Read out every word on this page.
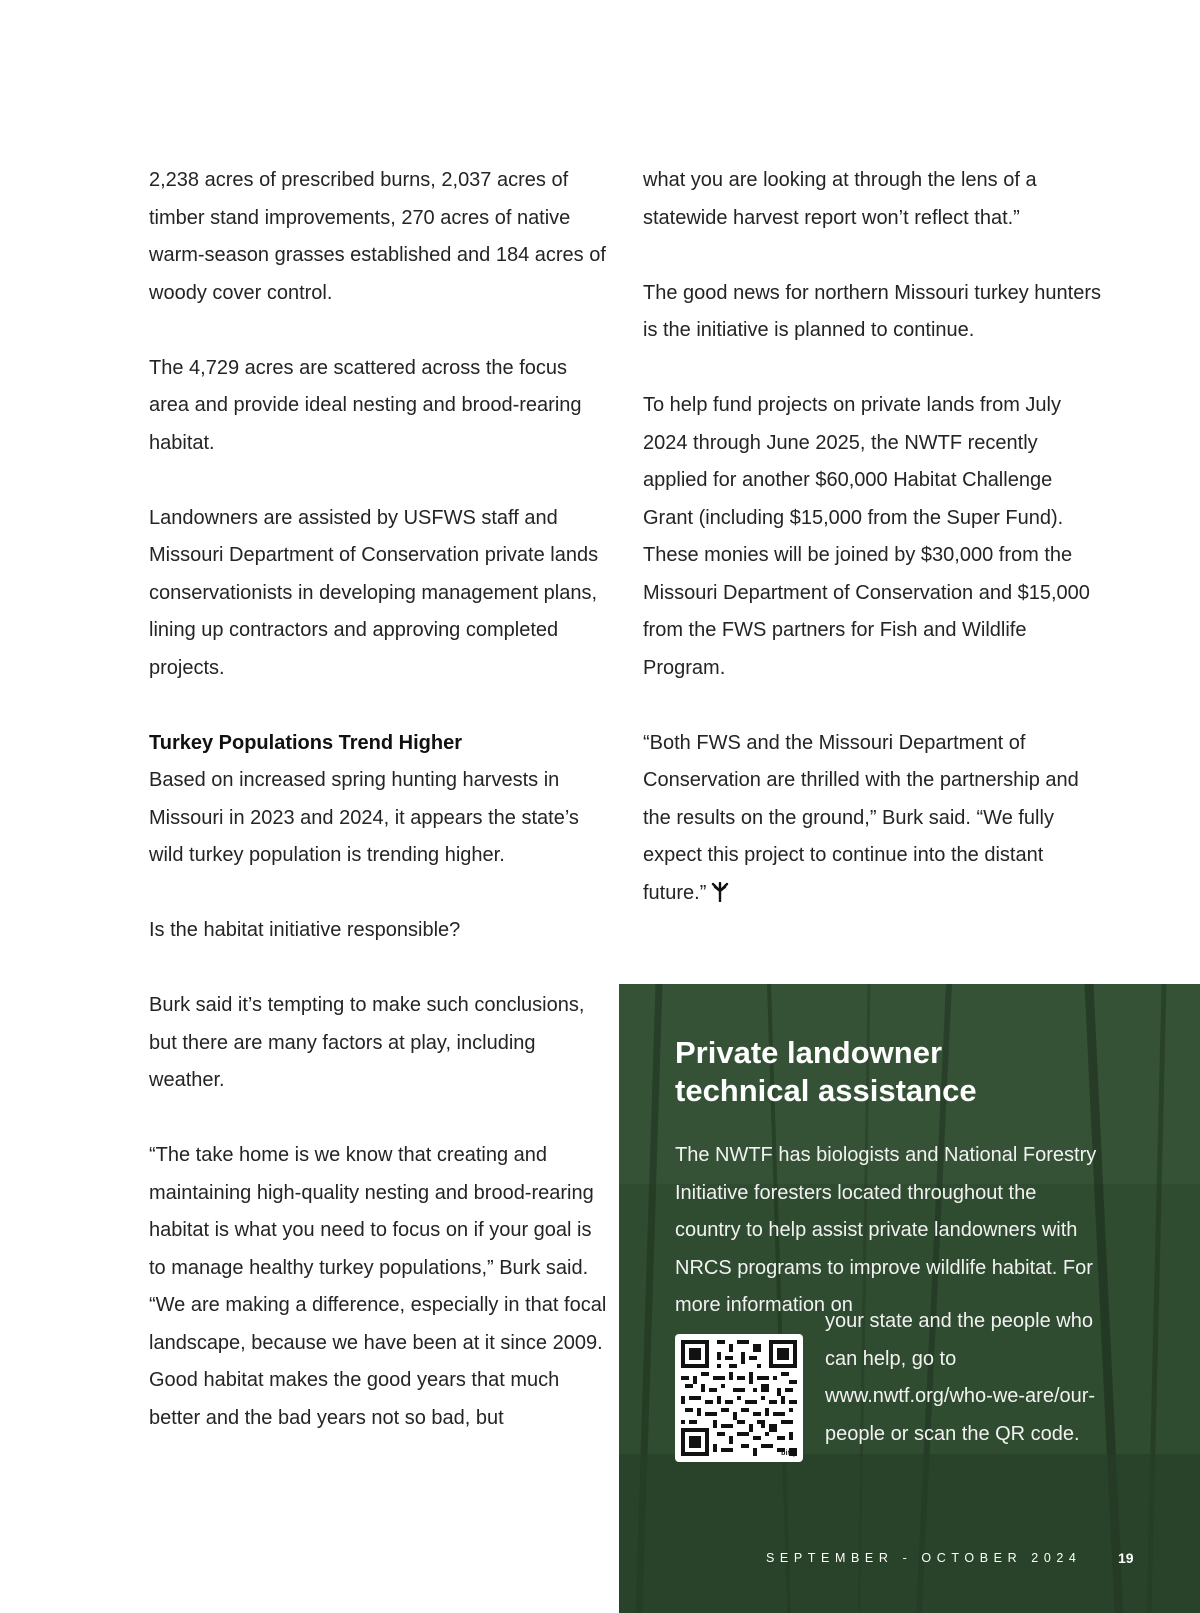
2,238 acres of prescribed burns, 2,037 acres of timber stand improvements, 270 acres of native warm-season grasses established and 184 acres of woody cover control.

The 4,729 acres are scattered across the focus area and provide ideal nesting and brood-rearing habitat.

Landowners are assisted by USFWS staff and Missouri Department of Conservation private lands conservationists in developing management plans, lining up contractors and approving completed projects.

Turkey Populations Trend Higher

Based on increased spring hunting harvests in Missouri in 2023 and 2024, it appears the state’s wild turkey population is trending higher.

Is the habitat initiative responsible?

Burk said it’s tempting to make such conclusions, but there are many factors at play, including weather.

“The take home is we know that creating and maintaining high-quality nesting and brood-rearing habitat is what you need to focus on if your goal is to manage healthy turkey populations,” Burk said. “We are making a difference, especially in that focal landscape, because we have been at it since 2009. Good habitat makes the good years that much better and the bad years not so bad, but

what you are looking at through the lens of a statewide harvest report won’t reflect that.”

The good news for northern Missouri turkey hunters is the initiative is planned to continue.

To help fund projects on private lands from July 2024 through June 2025, the NWTF recently applied for another $60,000 Habitat Challenge Grant (including $15,000 from the Super Fund). These monies will be joined by $30,000 from the Missouri Department of Conservation and $15,000 from the FWS partners for Fish and Wildlife Program.

“Both FWS and the Missouri Department of Conservation are thrilled with the partnership and the results on the ground,” Burk said. “We fully expect this project to continue into the distant future.”

Private landowner
technical assistance

The NWTF has biologists and National Forestry Initiative foresters located throughout the country to help assist private landowners with NRCS programs to improve wildlife habitat. For more information on

bitly

your state and the people who can help, go to www.nwtf.org/who-we-are/our-people or scan the QR code.

SEPTEMBER - OCTOBER 2024	19
